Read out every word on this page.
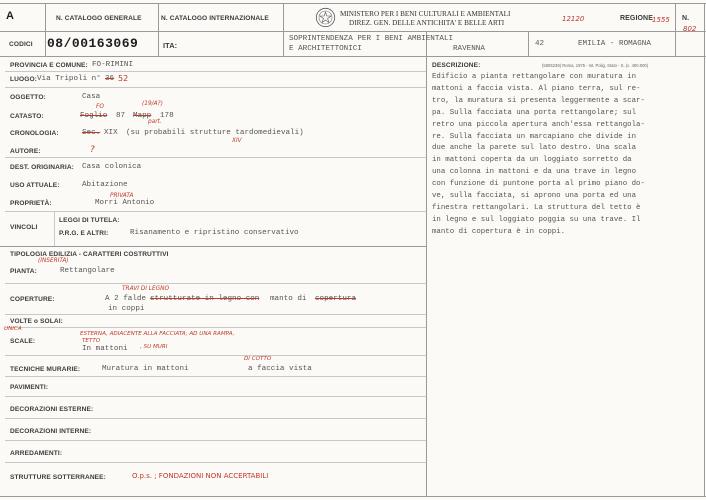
A
CODICI
N. CATALOGO GENERALE
08/00163069
N. CATALOGO INTERNAZIONALE
ITA:
MINISTERO PER I BENI CULTURALI E AMBIENTALI
DIREZ. GEN. DELLE ANTICHITA' E BELLE ARTI
SOPRINTENDENZA PER I BENI AMBIENTALI
E ARCHITETTONICI	RAVENNA
12120	REGIONE 1555
42	EMILIA - ROMAGNA
N.
802
PROVINCIA E COMUNE: FO-RIMINI
LUOGO: Via Tripoli n° 36 52
OGGETTO:	Casa
(19/A?)
FO
CATASTO:	Foglio 87 Mapp 178
part.
CRONOLOGIA:	Sec. XIX (su probabili strutture tardomedievali)
XIV
AUTORE:	?
DEST. ORIGINARIA: Casa colonica
USO ATTUALE:	Abitazione
PRIVATA
PROPRIETÀ:	Morri Antonio
VINCOLI
LEGGI DI TUTELA:
P.R.G. E ALTRI:	Risanamento e ripristino conservativo
TIPOLOGIA EDILIZIA - CARATTERI COSTRUTTIVI
(INSERITA)
PIANTA:	Rettangolare
TRAVI DI LEGNO
COPERTURE:	A 2 falde strutturate in legno con manto di copertura
in coppi
VOLTE o SOLAI:
UNICA
ESTERNA, ADIACENTE ALLA FACCIATA; AD UNA RAMPA,
SCALE:	TETTO
In mattoni , SU MURI
DI COTTO
TECNICHE MURARIE:	Muratura in mattoni	a faccia vista
PAVIMENTI:
DECORAZIONI ESTERNE:
DECORAZIONI INTERNE:
ARREDAMENTI:
STRUTTURE SOTTERRANEE:	O.p.s. ; FONDAZIONI NON ACCERTABILI
DESCRIZIONE:	(5605239) Roma, 1975 - Ist. Polig. Stato - S. (c. 400.000)
Edificio a pianta rettangolare con muratura in
mattoni a faccia vista. Al piano terra, sul re-
tro, la muratura si presenta leggermente a scar-
pa. Sulla facciata una porta rettangolare; sul
retro una piccola apertura anch'essa rettangola-
re. Sulla facciata un marcapiano che divide in
due anche la parete sul lato destro. Una scala
in mattoni coperta da un loggiato sorretto da
una colonna in mattoni e da una trave in legno
con funzione di puntone porta al primo piano do-
ve, sulla facciata, si aprono una porta ed una
finestra rettangolari. La struttura del tetto è
in legno e sul loggiato poggia su una trave. Il
manto di copertura è in coppi.
